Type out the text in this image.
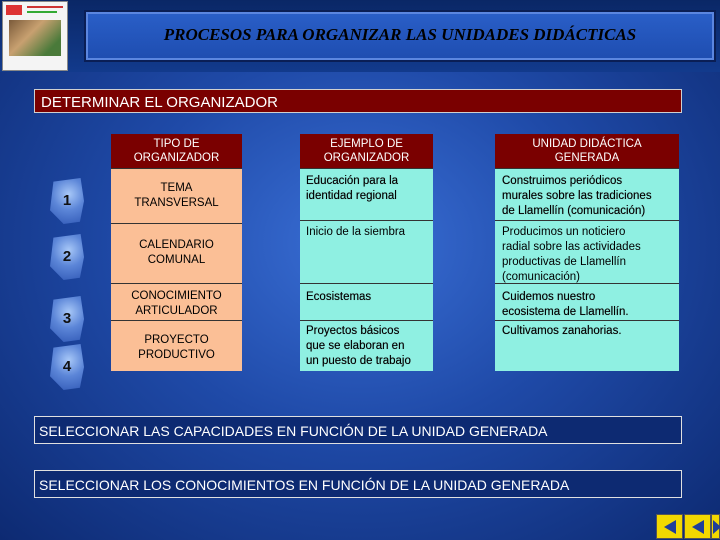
PROCESOS PARA ORGANIZAR LAS UNIDADES DIDÁCTICAS
DETERMINAR EL ORGANIZADOR
TIPO DE
ORGANIZADOR
EJEMPLO DE
ORGANIZADOR
UNIDAD DIDÁCTICA
GENERADA
TEMA
TRANSVERSAL
Educación para la
identidad regional
Construimos periódicos
murales sobre las tradiciones
de Llamellín (comunicación)
CALENDARIO
COMUNAL
Inicio de la siembra	Producimos un noticiero
radial sobre las actividades
productivas de Llamellín
(comunicación)
CONOCIMIENTO
ARTICULADOR
Ecosistemas	Cuidemos nuestro
ecosistema de Llamellín.
PROYECTO
PRODUCTIVO
Proyectos básicos
que se elaboran en
un puesto de trabajo
Cultivamos zanahorias.
1
2
3
4
SELECCIONAR LAS CAPACIDADES EN FUNCIÓN DE LA UNIDAD GENERADA
SELECCIONAR LOS CONOCIMIENTOS EN FUNCIÓN DE LA UNIDAD GENERADA
